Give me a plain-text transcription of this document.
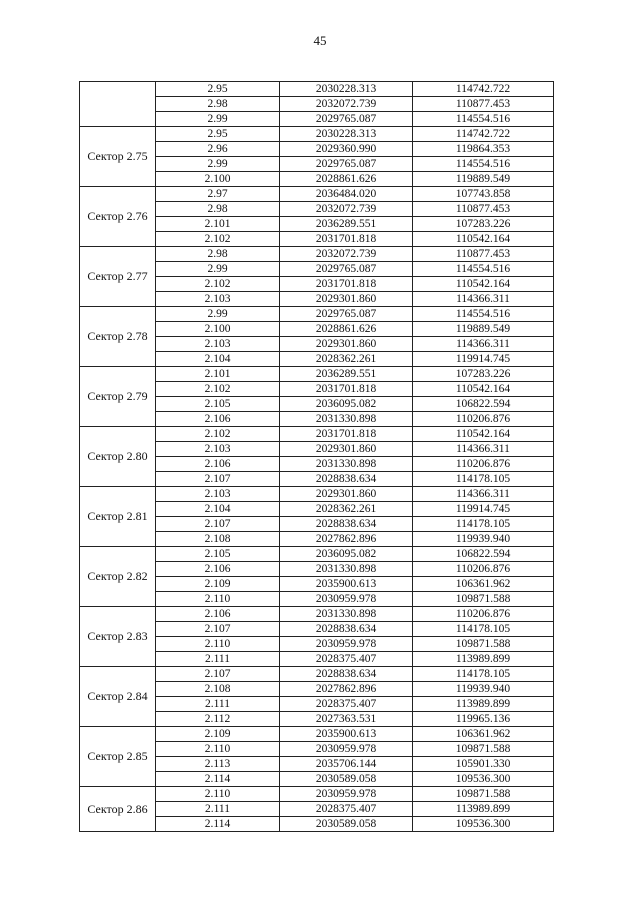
45
	2.95	2030228.313	114742.722
	2.98	2032072.739	110877.453
	2.99	2029765.087	114554.516
Сектор 2.75	2.95	2030228.313	114742.722
	2.96	2029360.990	119864.353
	2.99	2029765.087	114554.516
	2.100	2028861.626	119889.549
Сектор 2.76	2.97	2036484.020	107743.858
	2.98	2032072.739	110877.453
	2.101	2036289.551	107283.226
	2.102	2031701.818	110542.164
Сектор 2.77	2.98	2032072.739	110877.453
	2.99	2029765.087	114554.516
	2.102	2031701.818	110542.164
	2.103	2029301.860	114366.311
Сектор 2.78	2.99	2029765.087	114554.516
	2.100	2028861.626	119889.549
	2.103	2029301.860	114366.311
	2.104	2028362.261	119914.745
Сектор 2.79	2.101	2036289.551	107283.226
	2.102	2031701.818	110542.164
	2.105	2036095.082	106822.594
	2.106	2031330.898	110206.876
Сектор 2.80	2.102	2031701.818	110542.164
	2.103	2029301.860	114366.311
	2.106	2031330.898	110206.876
	2.107	2028838.634	114178.105
Сектор 2.81	2.103	2029301.860	114366.311
	2.104	2028362.261	119914.745
	2.107	2028838.634	114178.105
	2.108	2027862.896	119939.940
Сектор 2.82	2.105	2036095.082	106822.594
	2.106	2031330.898	110206.876
	2.109	2035900.613	106361.962
	2.110	2030959.978	109871.588
Сектор 2.83	2.106	2031330.898	110206.876
	2.107	2028838.634	114178.105
	2.110	2030959.978	109871.588
	2.111	2028375.407	113989.899
Сектор 2.84	2.107	2028838.634	114178.105
	2.108	2027862.896	119939.940
	2.111	2028375.407	113989.899
	2.112	2027363.531	119965.136
Сектор 2.85	2.109	2035900.613	106361.962
	2.110	2030959.978	109871.588
	2.113	2035706.144	105901.330
	2.114	2030589.058	109536.300
Сектор 2.86	2.110	2030959.978	109871.588
	2.111	2028375.407	113989.899
	2.114	2030589.058	109536.300
